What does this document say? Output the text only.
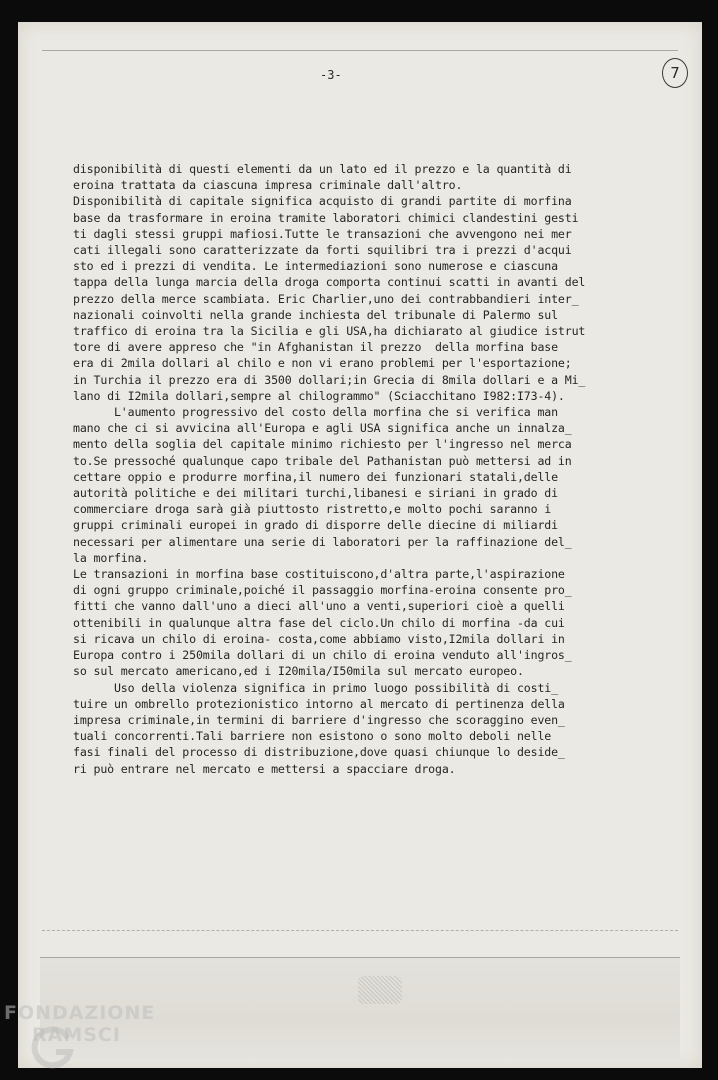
-3-	7
disponibilità di questi elementi da un lato ed il prezzo e la quantità di
eroina trattata da ciascuna impresa criminale dall'altro.
Disponibilità di capitale significa acquisto di grandi partite di morfina
base da trasformare in eroina tramite laboratori chimici clandestini gesti
ti dagli stessi gruppi mafiosi.Tutte le transazioni che avvengono nei mer
cati illegali sono caratterizzate da forti squilibri tra i prezzi d'acqui
sto ed i prezzi di vendita. Le intermediazioni sono numerose e ciascuna
tappa della lunga marcia della droga comporta continui scatti in avanti del
prezzo della merce scambiata. Eric Charlier,uno dei contrabbandieri inter_
nazionali coinvolti nella grande inchiesta del tribunale di Palermo sul
traffico di eroina tra la Sicilia e gli USA,ha dichiarato al giudice istrut
tore di avere appreso che "in Afghanistan il prezzo  della morfina base
era di 2mila dollari al chilo e non vi erano problemi per l'esportazione;
in Turchia il prezzo era di 3500 dollari;in Grecia di 8mila dollari e a Mi_
lano di I2mila dollari,sempre al chilogrammo" (Sciacchitano I982:I73-4).
L'aumento progressivo del costo della morfina che si verifica man
mano che ci si avvicina all'Europa e agli USA significa anche un innalza_
mento della soglia del capitale minimo richiesto per l'ingresso nel merca
to.Se pressoché qualunque capo tribale del Pathanistan può mettersi ad in
cettare oppio e produrre morfina,il numero dei funzionari statali,delle
autorità politiche e dei militari turchi,libanesi e siriani in grado di
commerciare droga sarà già piuttosto ristretto,e molto pochi saranno i
gruppi criminali europei in grado di disporre delle diecine di miliardi
necessari per alimentare una serie di laboratori per la raffinazione del_
la morfina.
Le transazioni in morfina base costituiscono,d'altra parte,l'aspirazione
di ogni gruppo criminale,poiché il passaggio morfina-eroina consente pro_
fitti che vanno dall'uno a dieci all'uno a venti,superiori cioè a quelli
ottenibili in qualunque altra fase del ciclo.Un chilo di morfina -da cui
si ricava un chilo di eroina- costa,come abbiamo visto,I2mila dollari in
Europa contro i 250mila dollari di un chilo di eroina venduto all'ingros_
so sul mercato americano,ed i I20mila/I50mila sul mercato europeo.
Uso della violenza significa in primo luogo possibilità di costi_
tuire un ombrello protezionistico intorno al mercato di pertinenza della
impresa criminale,in termini di barriere d'ingresso che scoraggino even_
tuali concorrenti.Tali barriere non esistono o sono molto deboli nelle
fasi finali del processo di distribuzione,dove quasi chiunque lo deside_
ri può entrare nel mercato e mettersi a spacciare droga.
FONDAZIONE
RAMSCI
